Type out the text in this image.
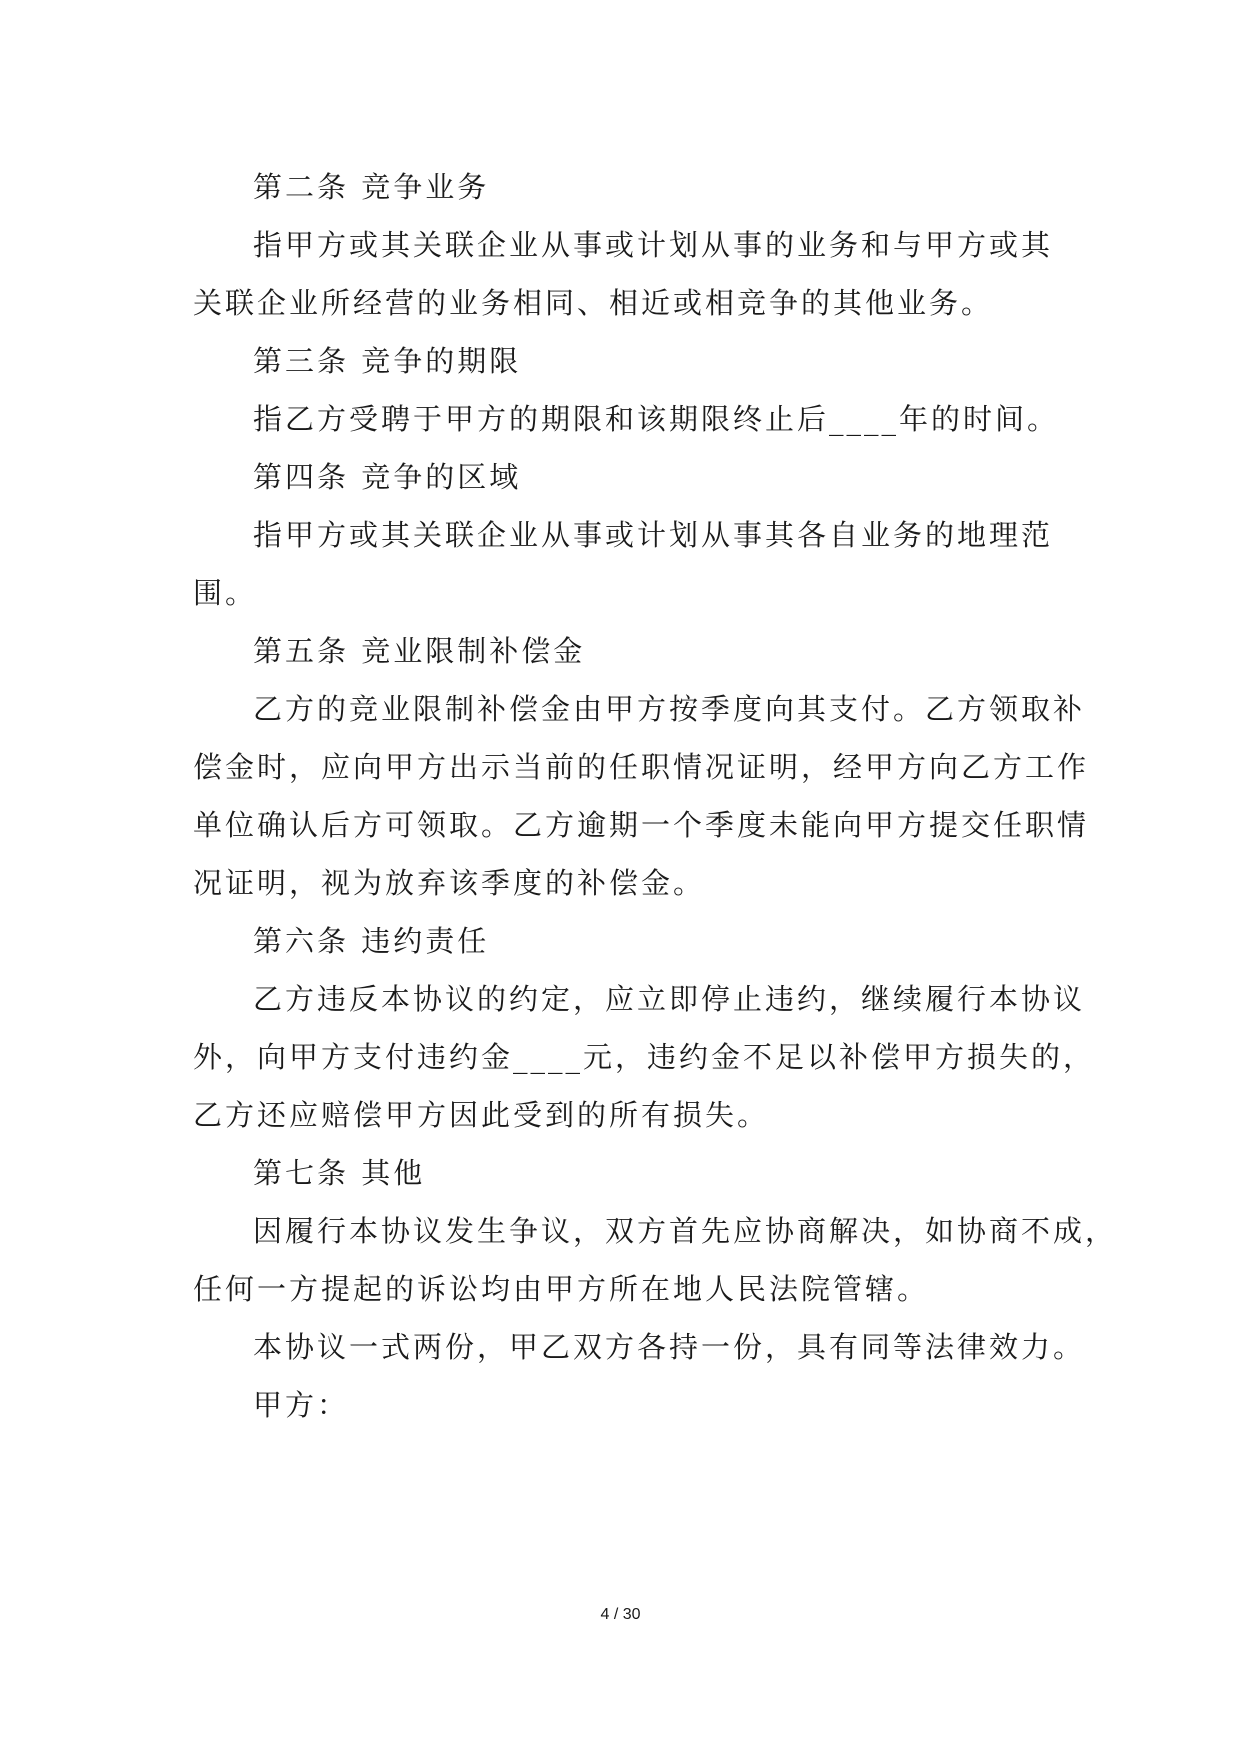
第二条 竞争业务
指甲方或其关联企业从事或计划从事的业务和与甲方或其
关联企业所经营的业务相同、相近或相竞争的其他业务。
第三条 竞争的期限
指乙方受聘于甲方的期限和该期限终止后____年的时间。
第四条 竞争的区域
指甲方或其关联企业从事或计划从事其各自业务的地理范
围。
第五条 竞业限制补偿金
乙方的竞业限制补偿金由甲方按季度向其支付。乙方领取补
偿金时，应向甲方出示当前的任职情况证明，经甲方向乙方工作
单位确认后方可领取。乙方逾期一个季度未能向甲方提交任职情
况证明，视为放弃该季度的补偿金。
第六条 违约责任
乙方违反本协议的约定，应立即停止违约，继续履行本协议
外，向甲方支付违约金____元，违约金不足以补偿甲方损失的，
乙方还应赔偿甲方因此受到的所有损失。
第七条 其他
因履行本协议发生争议，双方首先应协商解决，如协商不成，
任何一方提起的诉讼均由甲方所在地人民法院管辖。
本协议一式两份，甲乙双方各持一份，具有同等法律效力。
甲方：
4 / 30
